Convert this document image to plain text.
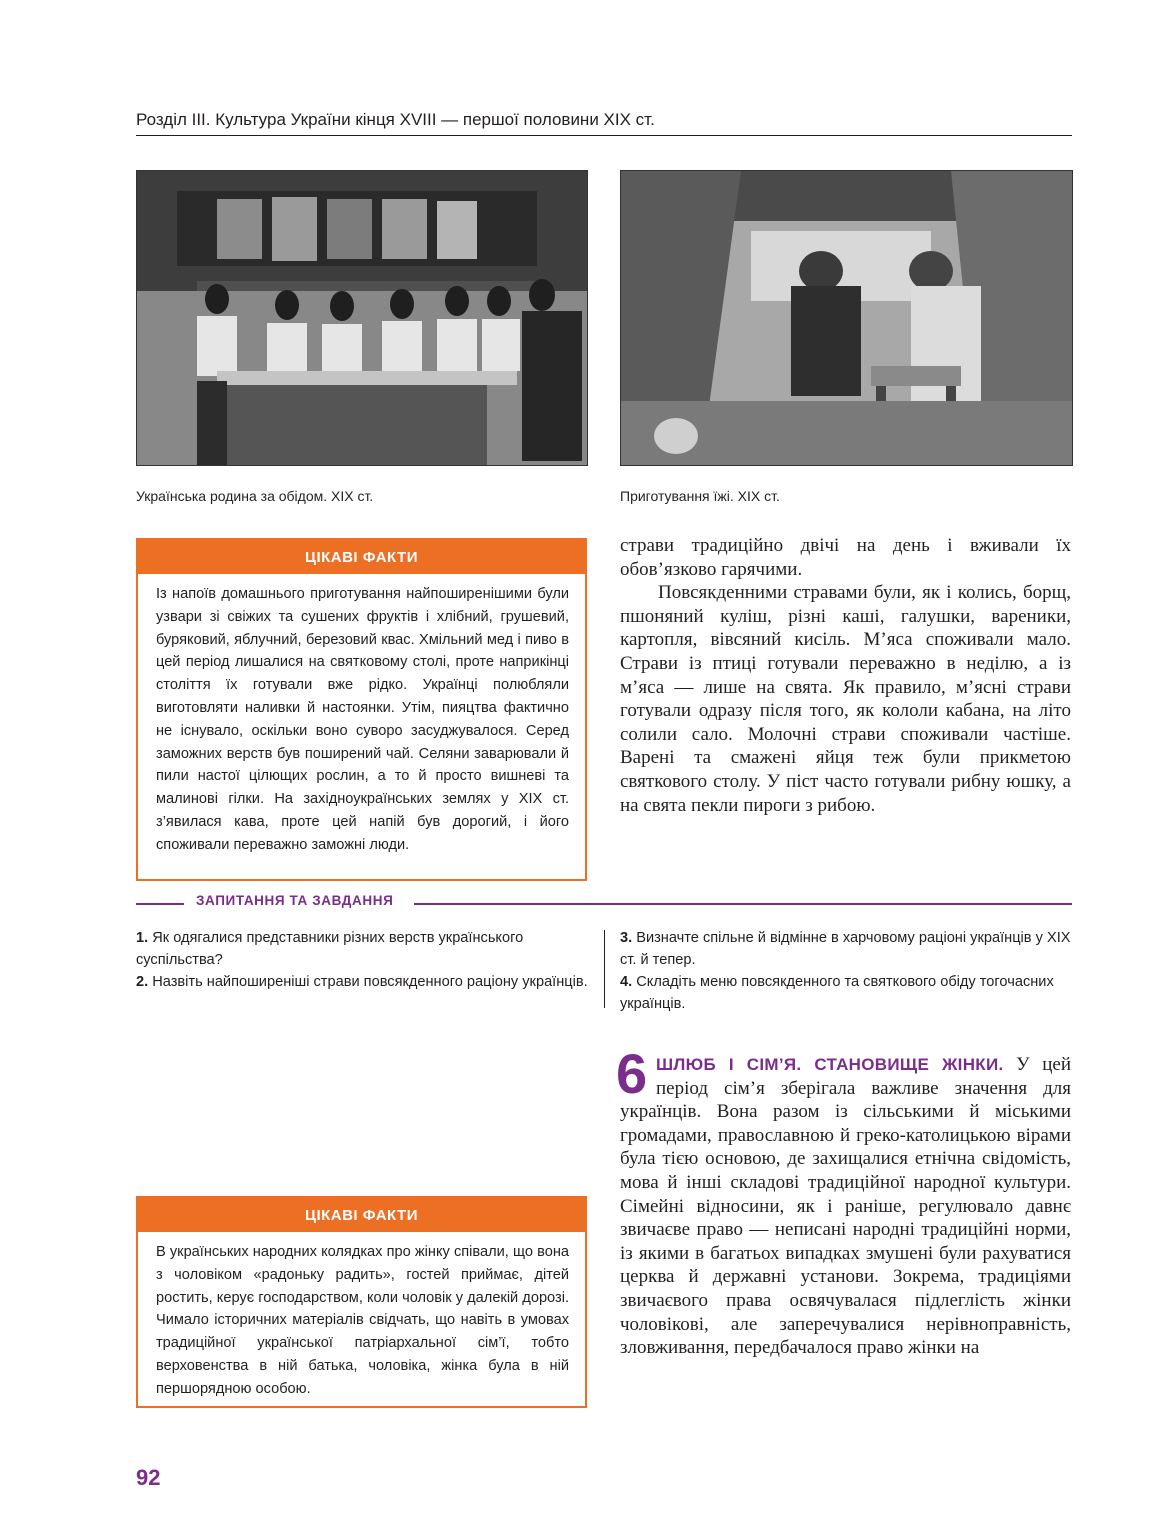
Розділ III. Культура України кінця XVIII — першої половини XIX ст.
Українська родина за обідом. XIX ст.	Приготування їжі. XIX ст.
ЦІКАВІ ФАКТИ
Із напоїв домашнього приготування найпоширенішими були узвари зі свіжих та сушених фруктів і хлібний, грушевий, буряковий, яблучний, березовий квас. Хмільний мед і пиво в цей період лишалися на святковому столі, проте наприкінці століття їх готували вже рідко. Українці полюбляли виготовляти наливки й настоянки. Утім, пияцтва фактично не існувало, оскільки воно суворо засуджувалося. Серед заможних верств був поширений чай. Селяни заварювали й пили настої цілющих рослин, а то й просто вишневі та малинові гілки. На західноукраїнських землях у XIX ст. з’явилася кава, проте цей напій був дорогий, і його споживали переважно заможні люди.

страви традиційно двічі на день і вживали їх обов’язково гарячими.

Повсякденними стравами були, як і колись, борщ, пшоняний куліш, різні каші, галушки, вареники, картопля, вівсяний кисіль. М’яса споживали мало. Страви із птиці готували переважно в неділю, а із м’яса — лише на свята. Як правило, м’ясні страви готували одразу після того, як кололи кабана, на літо солили сало. Молочні страви споживали частіше. Варені та смажені яйця теж були прикметою святкового столу. У піст часто готували рибну юшку, а на свята пекли пироги з рибою.

ЗАПИТАННЯ ТА ЗАВДАННЯ

1. Як одягалися представники різних верств українського суспільства?

2. Назвіть найпоширеніші страви повсякденного раціону українців.

3. Визначте спільне й відмінне в харчовому раціоні українців у XIX ст. й тепер.

4. Складіть меню повсякденного та святкового обіду тогочасних українців.

6 ШЛЮБ І СІМ’Я. СТАНОВИЩЕ ЖІНКИ. У цей період сім’я зберігала важливе значення для українців. Вона разом із сільськими й міськими громадами, православною й греко-католицькою вірами була тією основою, де захищалися етнічна свідомість, мова й інші складові традиційної народної культури. Сімейні відносини, як і раніше, регулювало давнє звичаєве право — неписані народні традиційні норми, із якими в багатьох випадках змушені були рахуватися церква й державні установи. Зокрема, традиціями звичаєвого права освячувалася підлеглість жінки чоловікові, але заперечувалися нерівноправність, зловживання, передбачалося право жінки на
ЦІКАВІ ФАКТИ
В українських народних колядках про жінку співали, що вона з чоловіком «радоньку радить», гостей приймає, дітей ростить, керує господарством, коли чоловік у далекій дорозі. Чимало історичних матеріалів свідчать, що навіть в умовах традиційної української патріархальної сім’ї, тобто верховенства в ній батька, чоловіка, жінка була в ній першорядною особою.
92
